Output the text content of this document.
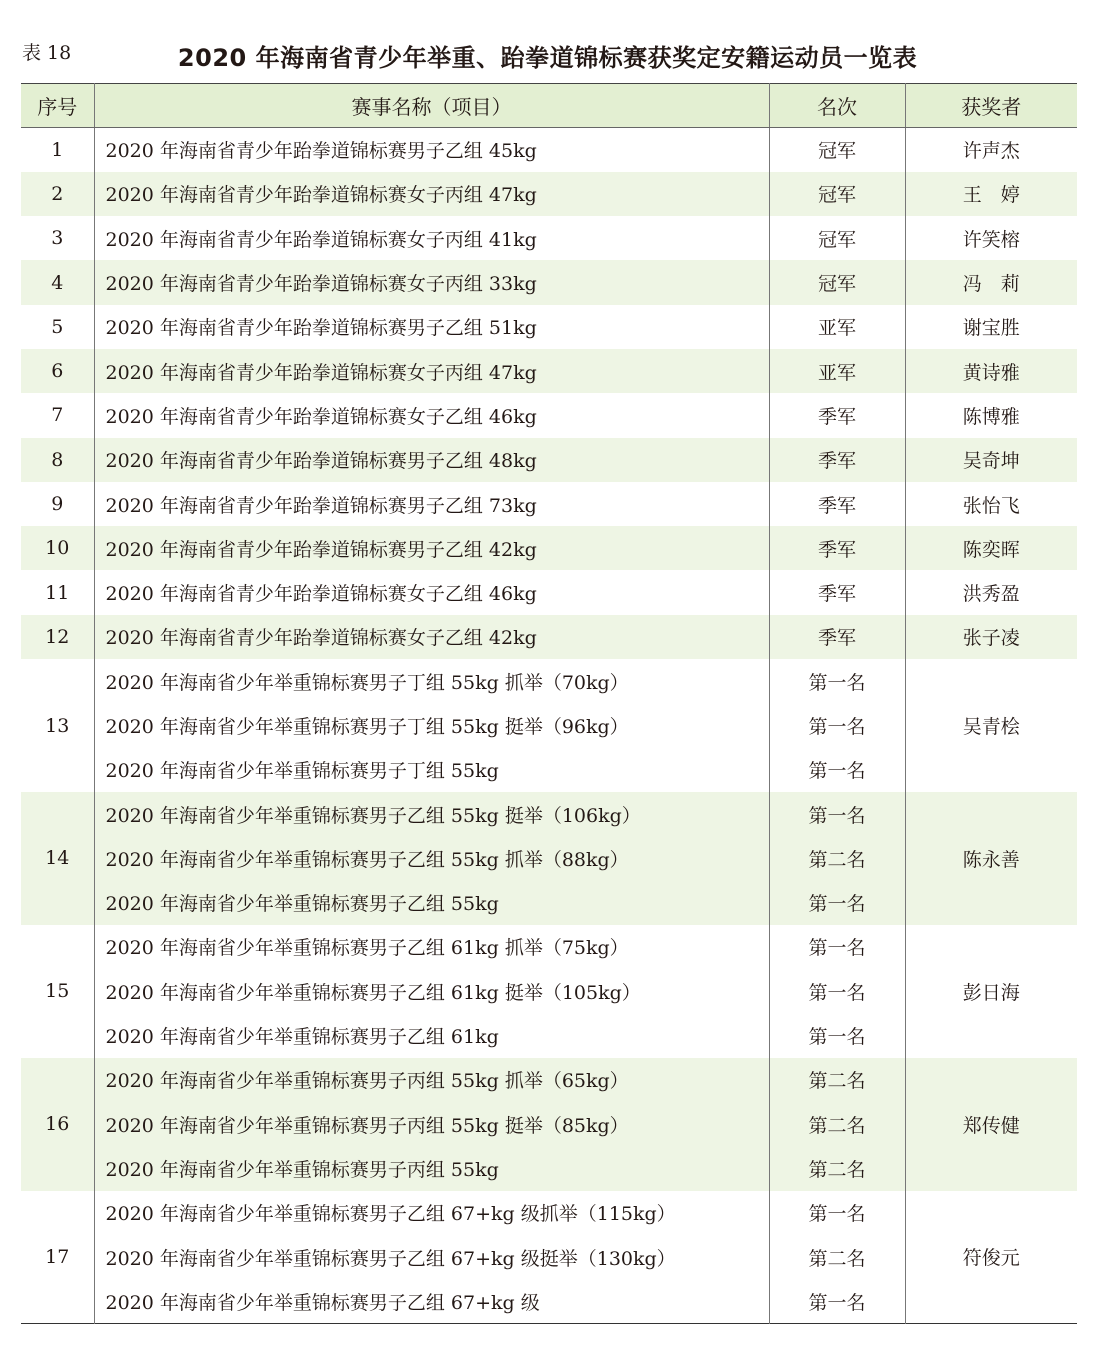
表 18	2020 年海南省青少年举重、跆拳道锦标赛获奖定安籍运动员一览表
序号	赛事名称（项目）	名次	获奖者
1	2020 年海南省青少年跆拳道锦标赛男子乙组 45kg	冠军	许声杰
2	2020 年海南省青少年跆拳道锦标赛女子丙组 47kg	冠军	王　婷
3	2020 年海南省青少年跆拳道锦标赛女子丙组 41kg	冠军	许笑榕
4	2020 年海南省青少年跆拳道锦标赛女子丙组 33kg	冠军	冯　莉
5	2020 年海南省青少年跆拳道锦标赛男子乙组 51kg	亚军	谢宝胜
6	2020 年海南省青少年跆拳道锦标赛女子丙组 47kg	亚军	黄诗雅
7	2020 年海南省青少年跆拳道锦标赛女子乙组 46kg	季军	陈博雅
8	2020 年海南省青少年跆拳道锦标赛男子乙组 48kg	季军	吴奇坤
9	2020 年海南省青少年跆拳道锦标赛男子乙组 73kg	季军	张怡飞
10	2020 年海南省青少年跆拳道锦标赛男子乙组 42kg	季军	陈奕晖
11	2020 年海南省青少年跆拳道锦标赛女子乙组 46kg	季军	洪秀盈
12	2020 年海南省青少年跆拳道锦标赛女子乙组 42kg	季军	张子凌
13	2020 年海南省少年举重锦标赛男子丁组 55kg 抓举（70kg）	第一名	吴青桧
	2020 年海南省少年举重锦标赛男子丁组 55kg 挺举（96kg）	第一名	
	2020 年海南省少年举重锦标赛男子丁组 55kg	第一名	
14	2020 年海南省少年举重锦标赛男子乙组 55kg 挺举（106kg）	第一名	陈永善
	2020 年海南省少年举重锦标赛男子乙组 55kg 抓举（88kg）	第二名	
	2020 年海南省少年举重锦标赛男子乙组 55kg	第一名	
15	2020 年海南省少年举重锦标赛男子乙组 61kg 抓举（75kg）	第一名	彭日海
	2020 年海南省少年举重锦标赛男子乙组 61kg 挺举（105kg）	第一名	
	2020 年海南省少年举重锦标赛男子乙组 61kg	第一名	
16	2020 年海南省少年举重锦标赛男子丙组 55kg 抓举（65kg）	第二名	郑传健
	2020 年海南省少年举重锦标赛男子丙组 55kg 挺举（85kg）	第二名	
	2020 年海南省少年举重锦标赛男子丙组 55kg	第二名	
17	2020 年海南省少年举重锦标赛男子乙组 67+kg 级抓举（115kg）	第一名	符俊元
	2020 年海南省少年举重锦标赛男子乙组 67+kg 级挺举（130kg）	第二名	
	2020 年海南省少年举重锦标赛男子乙组 67+kg 级	第一名	
